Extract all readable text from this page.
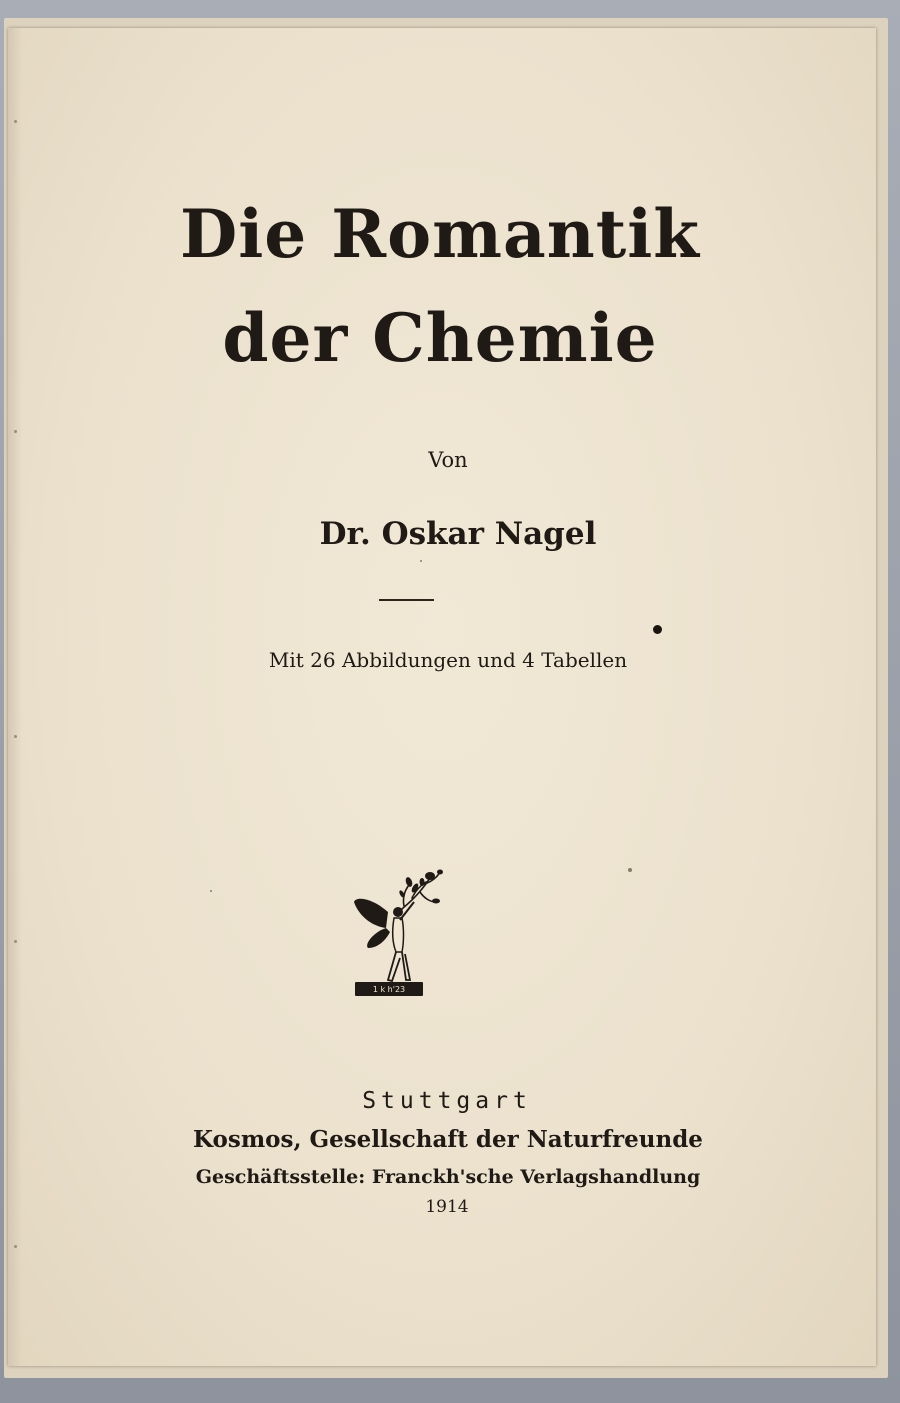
Die Romantik
der Chemie

Von

Dr. Oskar Nagel

Mit 26 Abbildungen und 4 Tabellen

1 k h'23

Stuttgart

Kosmos, Gesellschaft der Naturfreunde

Geschäftsstelle: Franckh'sche Verlagshandlung

1914
